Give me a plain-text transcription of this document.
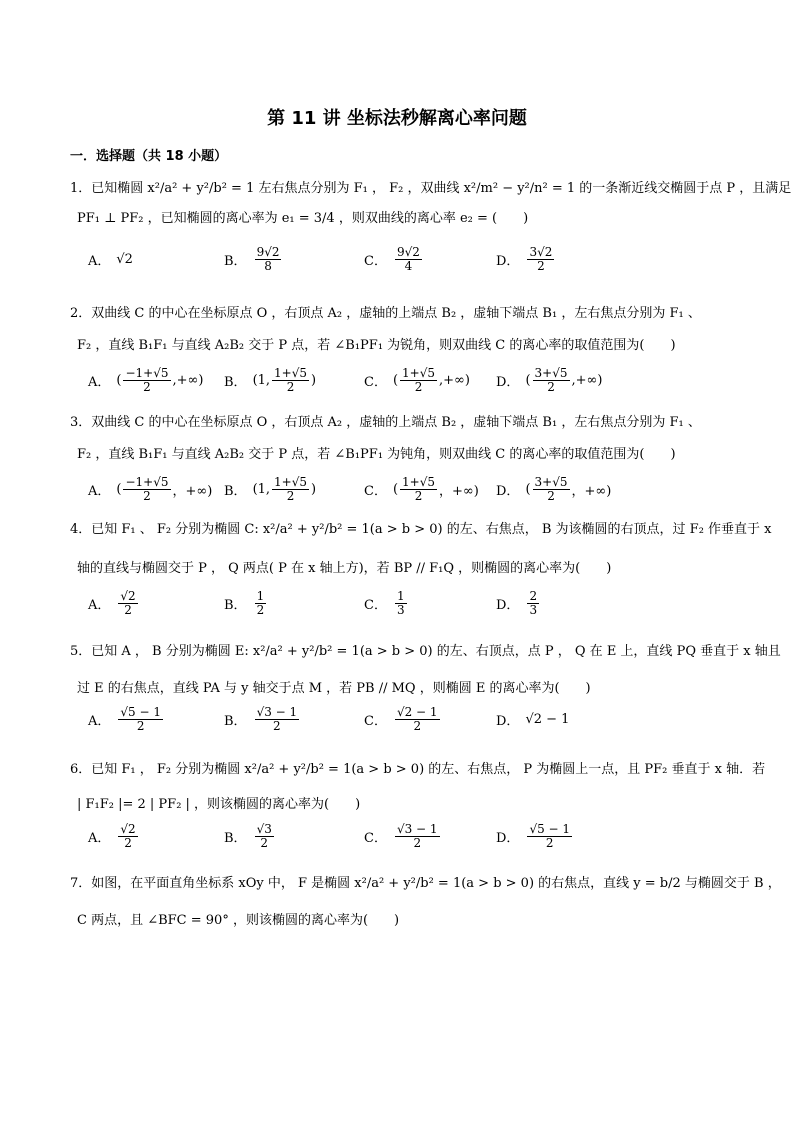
第 11 讲 坐标法秒解离心率问题
一．选择题（共 18 小题）
1．已知椭圆 x²/a² + y²/b² = 1 左右焦点分别为 F₁ ， F₂ ，双曲线 x²/m² − y²/n² = 1 的一条渐近线交椭圆于点 P ，且满足
PF₁ ⊥ PF₂ ，已知椭圆的离心率为 e₁ = 3/4 ，则双曲线的离心率 e₂ = (　　)
A． √2	B． $\frac{9√2}{8}$	C． $\frac{9√2}{4}$	D． $\frac{3√2}{2}$
2．双曲线 C 的中心在坐标原点 O ，右顶点 A₂ ，虚轴的上端点 B₂ ，虚轴下端点 B₁ ，左右焦点分别为 F₁ 、
F₂ ，直线 B₁F₁ 与直线 A₂B₂ 交于 P 点，若 ∠B₁PF₁ 为锐角，则双曲线 C 的离心率的取值范围为(　　)
A． ( $\frac{-1+√5}{2}$ ,+∞) B． (1, $\frac{1+√5}{2}$ )	C． ( $\frac{1+√5}{2}$ ,+∞) D． ( $\frac{3+√5}{2}$ ,+∞)
3．双曲线 C 的中心在坐标原点 O ，右顶点 A₂ ，虚轴的上端点 B₂ ，虚轴下端点 B₁ ，左右焦点分别为 F₁ 、
F₂ ，直线 B₁F₁ 与直线 A₂B₂ 交于 P 点，若 ∠B₁PF₁ 为钝角，则双曲线 C 的离心率的取值范围为(　　)
A． ( $\frac{-1+√5}{2}$ ，+∞) B． (1, $\frac{1+√5}{2}$ )	C． ( $\frac{1+√5}{2}$ ，+∞) D． ( $\frac{3+√5}{2}$ ，+∞)
4．已知 F₁ 、 F₂ 分别为椭圆 C: x²/a² + y²/b² = 1(a > b > 0) 的左、右焦点， B 为该椭圆的右顶点，过 F₂ 作垂直于 x
轴的直线与椭圆交于 P ， Q 两点( P 在 x 轴上方)，若 BP // F₁Q ，则椭圆的离心率为(　　)
A． $\frac{√2}{2}$	B． $\frac{1}{2}$	C． $\frac{1}{3}$	D． $\frac{2}{3}$
5．已知 A ， B 分别为椭圆 E: x²/a² + y²/b² = 1(a > b > 0) 的左、右顶点，点 P ， Q 在 E 上，直线 PQ 垂直于 x 轴且
过 E 的右焦点，直线 PA 与 y 轴交于点 M ，若 PB // MQ ，则椭圆 E 的离心率为(　　)
A． $\frac{√5 - 1}{2}$	B． $\frac{√3 - 1}{2}$	C． $\frac{√2 - 1}{2}$	D． √2 − 1
6．已知 F₁ ， F₂ 分别为椭圆 x²/a² + y²/b² = 1(a > b > 0) 的左、右焦点， P 为椭圆上一点，且 PF₂ 垂直于 x 轴．若
| F₁F₂ |= 2 | PF₂ | ，则该椭圆的离心率为(　　)
A． $\frac{√2}{2}$	B． $\frac{√3}{2}$	C． $\frac{√3 - 1}{2}$	D． $\frac{√5 - 1}{2}$
7．如图，在平面直角坐标系 xOy 中， F 是椭圆 x²/a² + y²/b² = 1(a > b > 0) 的右焦点，直线 y = b/2 与椭圆交于 B ，
C 两点，且 ∠BFC = 90° ，则该椭圆的离心率为(　　)
